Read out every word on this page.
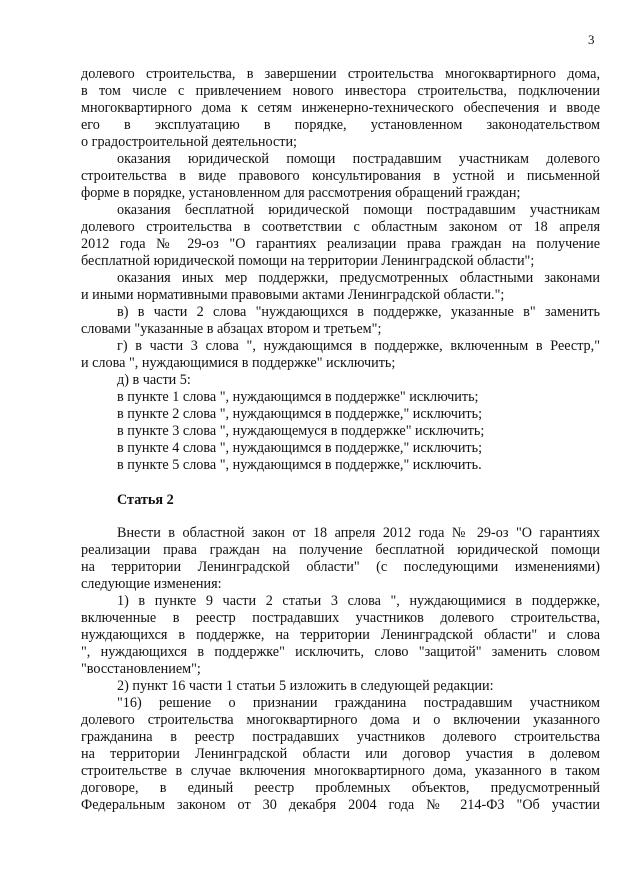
3
долевого строительства, в завершении строительства многоквартирного дома,
в том числе с привлечением нового инвестора строительства, подключении
многоквартирного дома к сетям инженерно-технического обеспечения и вводе
его в эксплуатацию в порядке, установленном законодательством
о градостроительной деятельности;
оказания юридической помощи пострадавшим участникам долевого
строительства в виде правового консультирования в устной и письменной
форме в порядке, установленном для рассмотрения обращений граждан;
оказания бесплатной юридической помощи пострадавшим участникам
долевого строительства в соответствии с областным законом от 18 апреля
2012 года № 29-оз "О гарантиях реализации права граждан на получение
бесплатной юридической помощи на территории Ленинградской области";
оказания иных мер поддержки, предусмотренных областными законами
и иными нормативными правовыми актами Ленинградской области.";
в) в части 2 слова "нуждающихся в поддержке, указанные в" заменить
словами "указанные в абзацах втором и третьем";
г) в части 3 слова ", нуждающимся в поддержке, включенным в Реестр,"
и слова ", нуждающимися в поддержке" исключить;
д) в части 5:
в пункте 1 слова ", нуждающимся в поддержке" исключить;
в пункте 2 слова ", нуждающимся в поддержке," исключить;
в пункте 3 слова ", нуждающемуся в поддержке" исключить;
в пункте 4 слова ", нуждающимся в поддержке," исключить;
в пункте 5 слова ", нуждающимся в поддержке," исключить.
Статья 2
Внести в областной закон от 18 апреля 2012 года № 29-оз "О гарантиях
реализации права граждан на получение бесплатной юридической помощи
на территории Ленинградской области" (с последующими изменениями)
следующие изменения:
1) в пункте 9 части 2 статьи 3 слова ", нуждающимися в поддержке,
включенные в реестр пострадавших участников долевого строительства,
нуждающихся в поддержке, на территории Ленинградской области" и слова
", нуждающихся в поддержке" исключить, слово "защитой" заменить словом
"восстановлением";
2) пункт 16 части 1 статьи 5 изложить в следующей редакции:
"16) решение о признании гражданина пострадавшим участником
долевого строительства многоквартирного дома и о включении указанного
гражданина в реестр пострадавших участников долевого строительства
на территории Ленинградской области или договор участия в долевом
строительстве в случае включения многоквартирного дома, указанного в таком
договоре, в единый реестр проблемных объектов, предусмотренный
Федеральным законом от 30 декабря 2004 года № 214-ФЗ "Об участии
